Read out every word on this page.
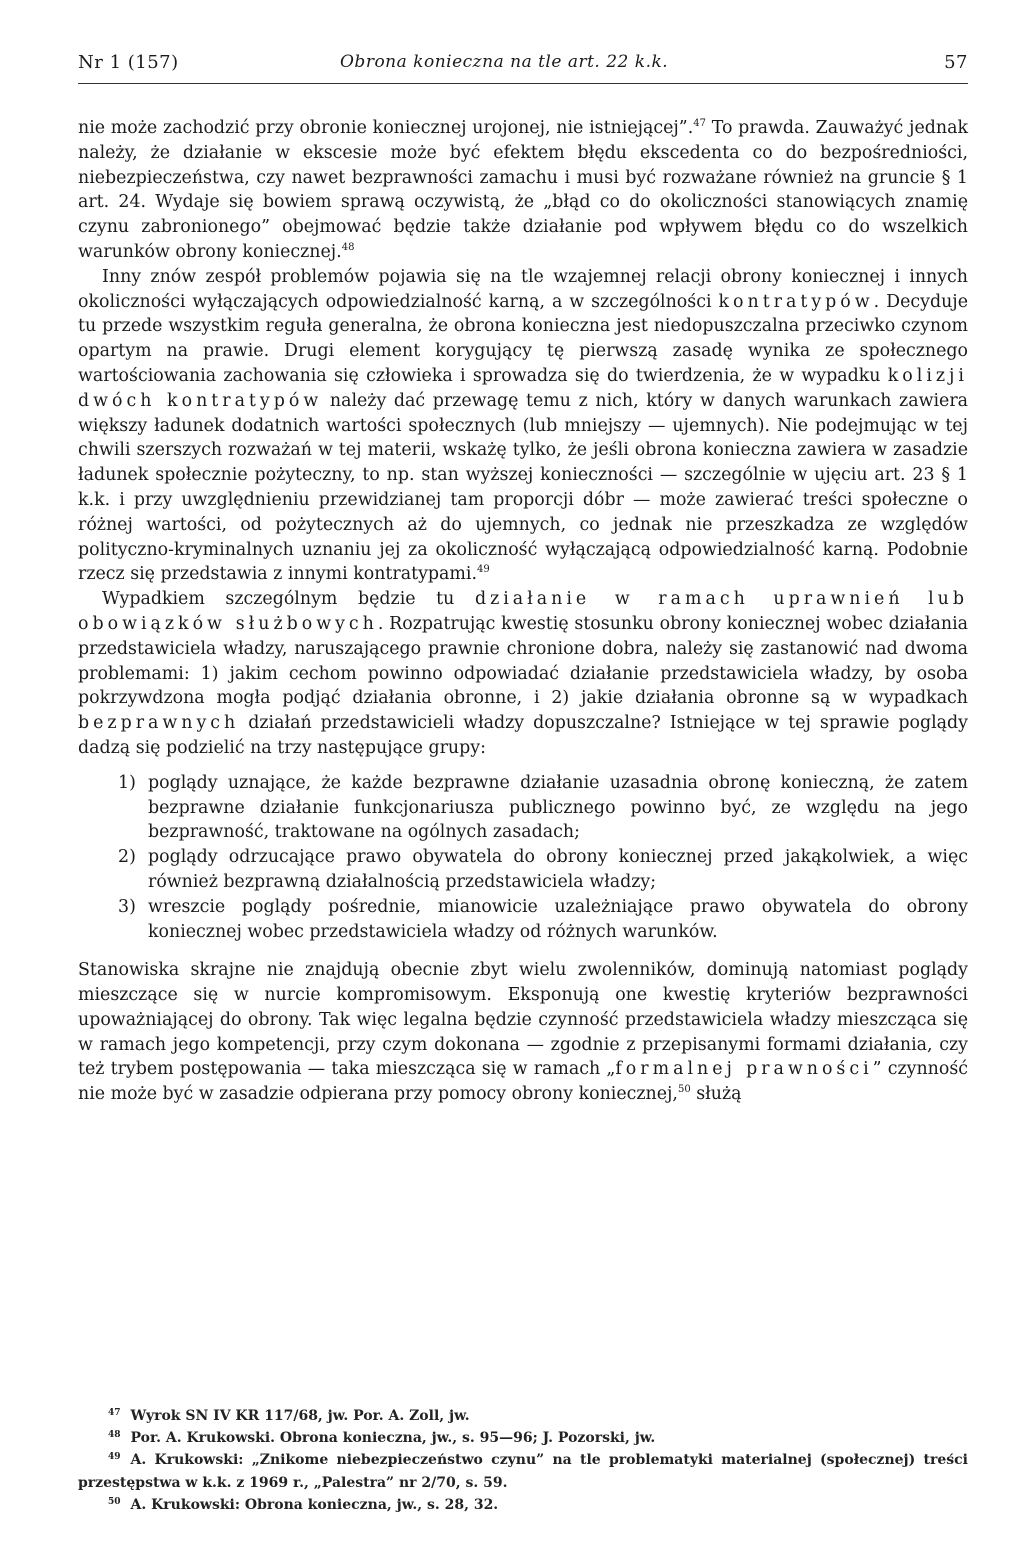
Nr 1 (157)	Obrona konieczna na tle art. 22 k.k.	57

nie może zachodzić przy obronie koniecznej urojonej, nie istniejącej”.$^{47}$ To prawda. Zauważyć jednak należy, że działanie w ekscesie może być efektem błędu ekscedenta co do bezpośredniości, niebezpieczeństwa, czy nawet bezprawności zamachu i musi być rozważane również na gruncie § 1 art. 24. Wydaje się bowiem sprawą oczywistą, że „błąd co do okoliczności stanowiących znamię czynu zabronionego” obejmować będzie także działanie pod wpływem błędu co do wszelkich warunków obrony koniecznej.$^{48}$

Inny znów zespół problemów pojawia się na tle wzajemnej relacji obrony koniecznej i innych okoliczności wyłączających odpowiedzialność karną, a w szczególności kontratypów. Decyduje tu przede wszystkim reguła generalna, że obrona konieczna jest niedopuszczalna przeciwko czynom opartym na prawie. Drugi element korygujący tę pierwszą zasadę wynika ze społecznego wartościowania zachowania się człowieka i sprowadza się do twierdzenia, że w wypadku kolizji dwóch kontratypów należy dać przewagę temu z nich, który w danych warunkach zawiera większy ładunek dodatnich wartości społecznych (lub mniejszy — ujemnych). Nie podejmując w tej chwili szerszych rozważań w tej materii, wskażę tylko, że jeśli obrona konieczna zawiera w zasadzie ładunek społecznie pożyteczny, to np. stan wyższej konieczności — szczególnie w ujęciu art. 23 § 1 k.k. i przy uwzględnieniu przewidzianej tam proporcji dóbr — może zawierać treści społeczne o różnej wartości, od pożytecznych aż do ujemnych, co jednak nie przeszkadza ze względów polityczno-kryminalnych uznaniu jej za okoliczność wyłączającą odpowiedzialność karną. Podobnie rzecz się przedstawia z innymi kontratypami.$^{49}$

Wypadkiem szczególnym będzie tu działanie w ramach uprawnień lub obowiązków służbowych. Rozpatrując kwestię stosunku obrony koniecznej wobec działania przedstawiciela władzy, naruszającego prawnie chronione dobra, należy się zastanowić nad dwoma problemami: 1) jakim cechom powinno odpowiadać działanie przedstawiciela władzy, by osoba pokrzywdzona mogła podjąć działania obronne, i 2) jakie działania obronne są w wypadkach bezprawnych działań przedstawicieli władzy dopuszczalne? Istniejące w tej sprawie poglądy dadzą się podzielić na trzy następujące grupy:

1) poglądy uznające, że każde bezprawne działanie uzasadnia obronę konieczną, że zatem bezprawne działanie funkcjonariusza publicznego powinno być, ze względu na jego bezprawność, traktowane na ogólnych zasadach;
2) poglądy odrzucające prawo obywatela do obrony koniecznej przed jakąkolwiek, a więc również bezprawną działalnością przedstawiciela władzy;
3) wreszcie poglądy pośrednie, mianowicie uzależniające prawo obywatela do obrony koniecznej wobec przedstawiciela władzy od różnych warunków.

Stanowiska skrajne nie znajdują obecnie zbyt wielu zwolenników, dominują natomiast poglądy mieszczące się w nurcie kompromisowym. Eksponują one kwestię kryteriów bezprawności upoważniającej do obrony. Tak więc legalna będzie czynność przedstawiciela władzy mieszcząca się w ramach jego kompetencji, przy czym dokonana — zgodnie z przepisanymi formami działania, czy też trybem postępowania — taka mieszcząca się w ramach „formalnej prawności” czynność nie może być w zasadzie odpierana przy pomocy obrony koniecznej,$^{50}$ służą

$^{47}$ Wyrok SN IV KR 117/68, jw. Por. A. Zoll, jw.

$^{48}$ Por. A. Krukowski. Obrona konieczna, jw., s. 95—96; J. Pozorski, jw.

$^{49}$ A. Krukowski: „Znikome niebezpieczeństwo czynu” na tle problematyki materialnej (społecznej) treści przestępstwa w k.k. z 1969 r., „Palestra” nr 2/70, s. 59.

$^{50}$ A. Krukowski: Obrona konieczna, jw., s. 28, 32.
